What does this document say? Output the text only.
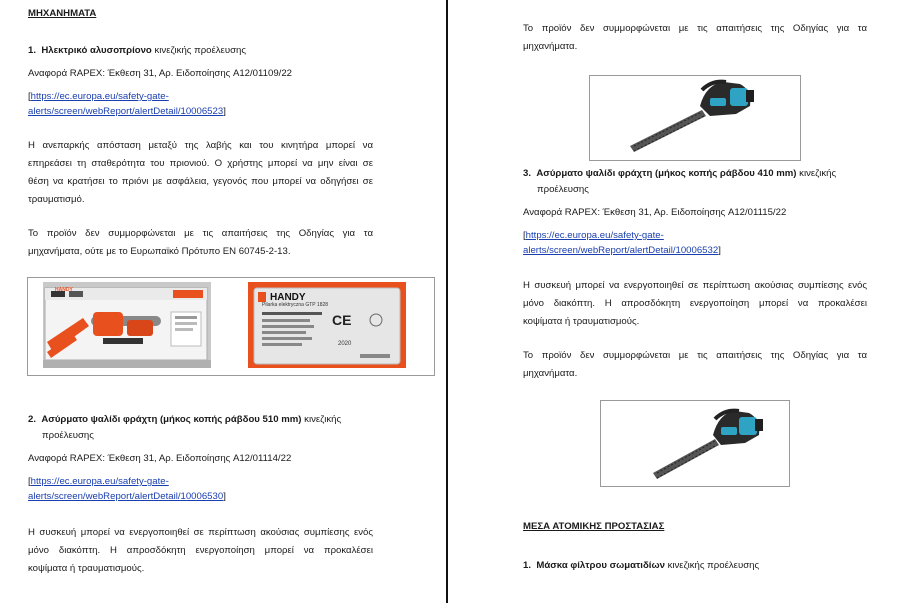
ΜΗΧΑΝΗΜΑΤΑ
1. Ηλεκτρικό αλυσοπρίονο κινεζικής προέλευσης
Αναφορά RAPEX: Έκθεση 31, Αρ. Ειδοποίησης A12/01109/22
[https://ec.europa.eu/safety-gate-
alerts/screen/webReport/alertDetail/10006523]
Η ανεπαρκής απόσταση μεταξύ της λαβής και του κινητήρα μπορεί να
επηρεάσει τη σταθερότητα του πριονιού. Ο χρήστης μπορεί να μην είναι σε
θέση να κρατήσει το πριόνι με ασφάλεια, γεγονός που μπορεί να οδηγήσει σε
τραυματισμό.
Το προϊόν δεν συμμορφώνεται με τις απαιτήσεις της Οδηγίας για τα
μηχανήματα, ούτε με το Ευρωπαϊκό Πρότυπο EN 60745-2-13.
HANDY
Pilarka elektryczna GTP 1828
CE
2020
HANDY
2. Ασύρματο ψαλίδι φράχτη (μήκος κοπής ράβδου 510 mm) κινεζικής
προέλευσης
Αναφορά RAPEX: Έκθεση 31, Αρ. Ειδοποίησης A12/01114/22
[https://ec.europa.eu/safety-gate-
alerts/screen/webReport/alertDetail/10006530]
Η συσκευή μπορεί να ενεργοποιηθεί σε περίπτωση ακούσιας συμπίεσης ενός
μόνο διακόπτη. Η απροσδόκητη ενεργοποίηση μπορεί να προκαλέσει
κοψίματα ή τραυματισμούς.
Το προϊόν δεν συμμορφώνεται με τις απαιτήσεις της Οδηγίας για τα
μηχανήματα.
3. Ασύρματο ψαλίδι φράχτη (μήκος κοπής ράβδου 410 mm) κινεζικής
προέλευσης
Αναφορά RAPEX: Έκθεση 31, Αρ. Ειδοποίησης A12/01115/22
[https://ec.europa.eu/safety-gate-
alerts/screen/webReport/alertDetail/10006532]
Η συσκευή μπορεί να ενεργοποιηθεί σε περίπτωση ακούσιας συμπίεσης ενός
μόνο διακόπτη. Η απροσδόκητη ενεργοποίηση μπορεί να προκαλέσει
κοψίματα ή τραυματισμούς.
Το προϊόν δεν συμμορφώνεται με τις απαιτήσεις της Οδηγίας για τα
μηχανήματα.
ΜΕΣΑ ΑΤΟΜΙΚΗΣ ΠΡΟΣΤΑΣΙΑΣ
1. Μάσκα φίλτρου σωματιδίων κινεζικής προέλευσης
